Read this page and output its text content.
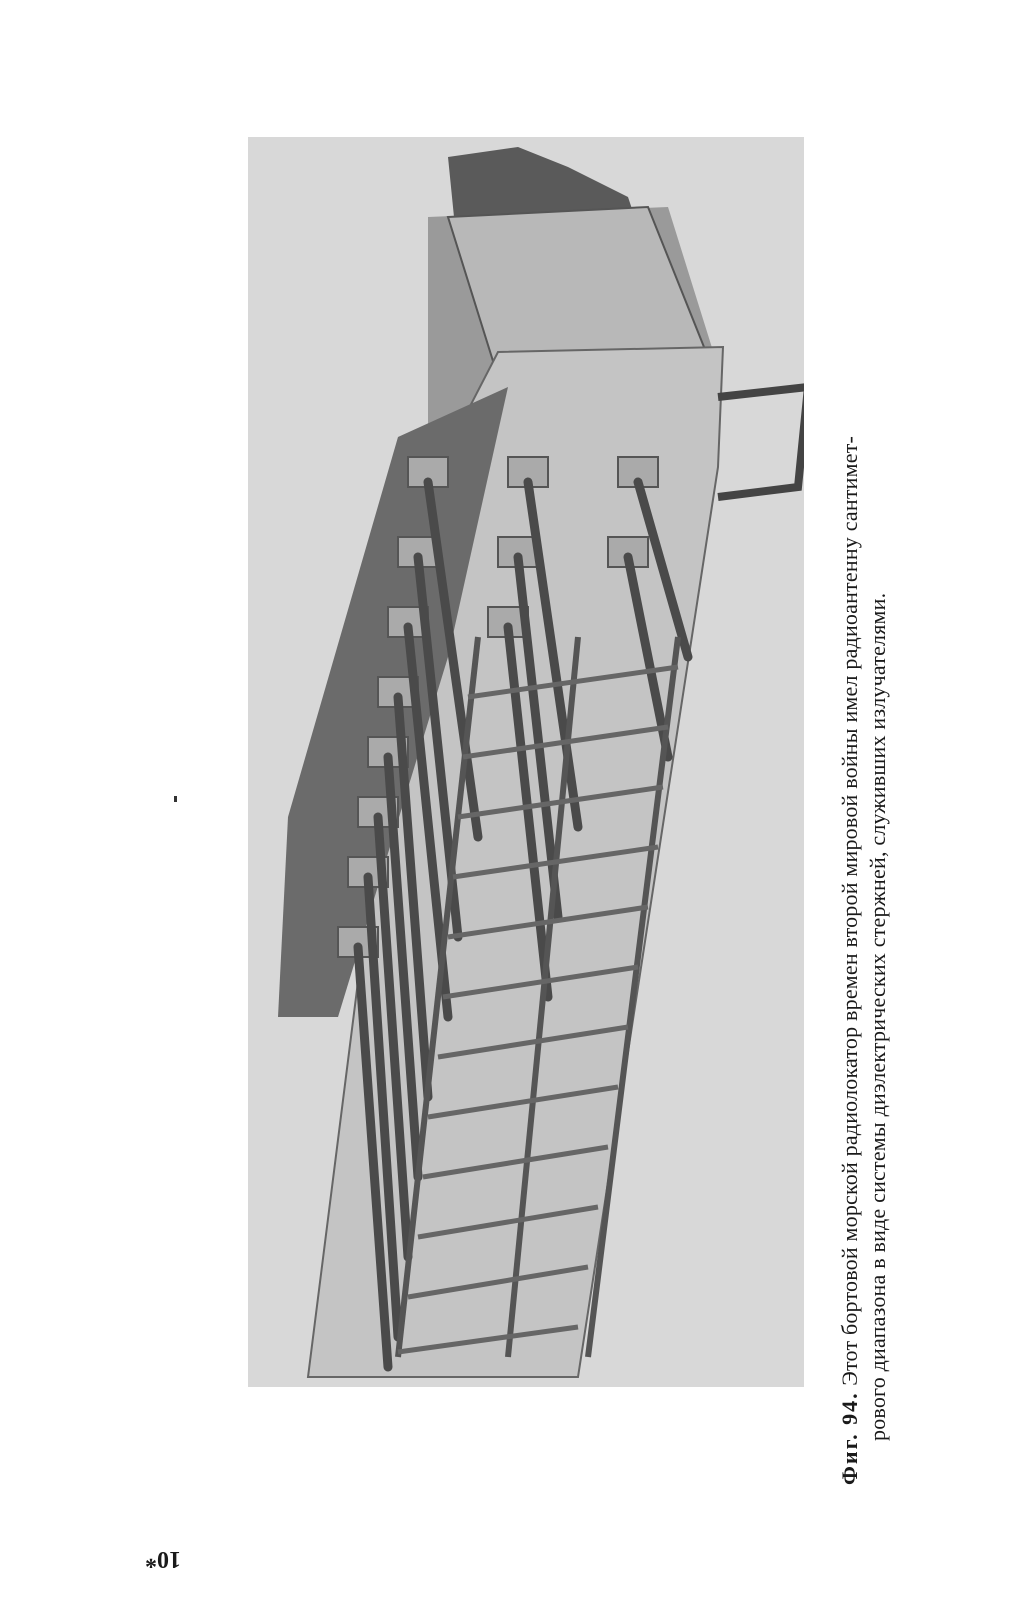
Фиг. 94. Этот бортовой морской радиолокатор времен второй мировой войны имел радиоантенну сантимет- рового диапазона в виде системы диэлектрических стержней, служивших излучателями.
10*
